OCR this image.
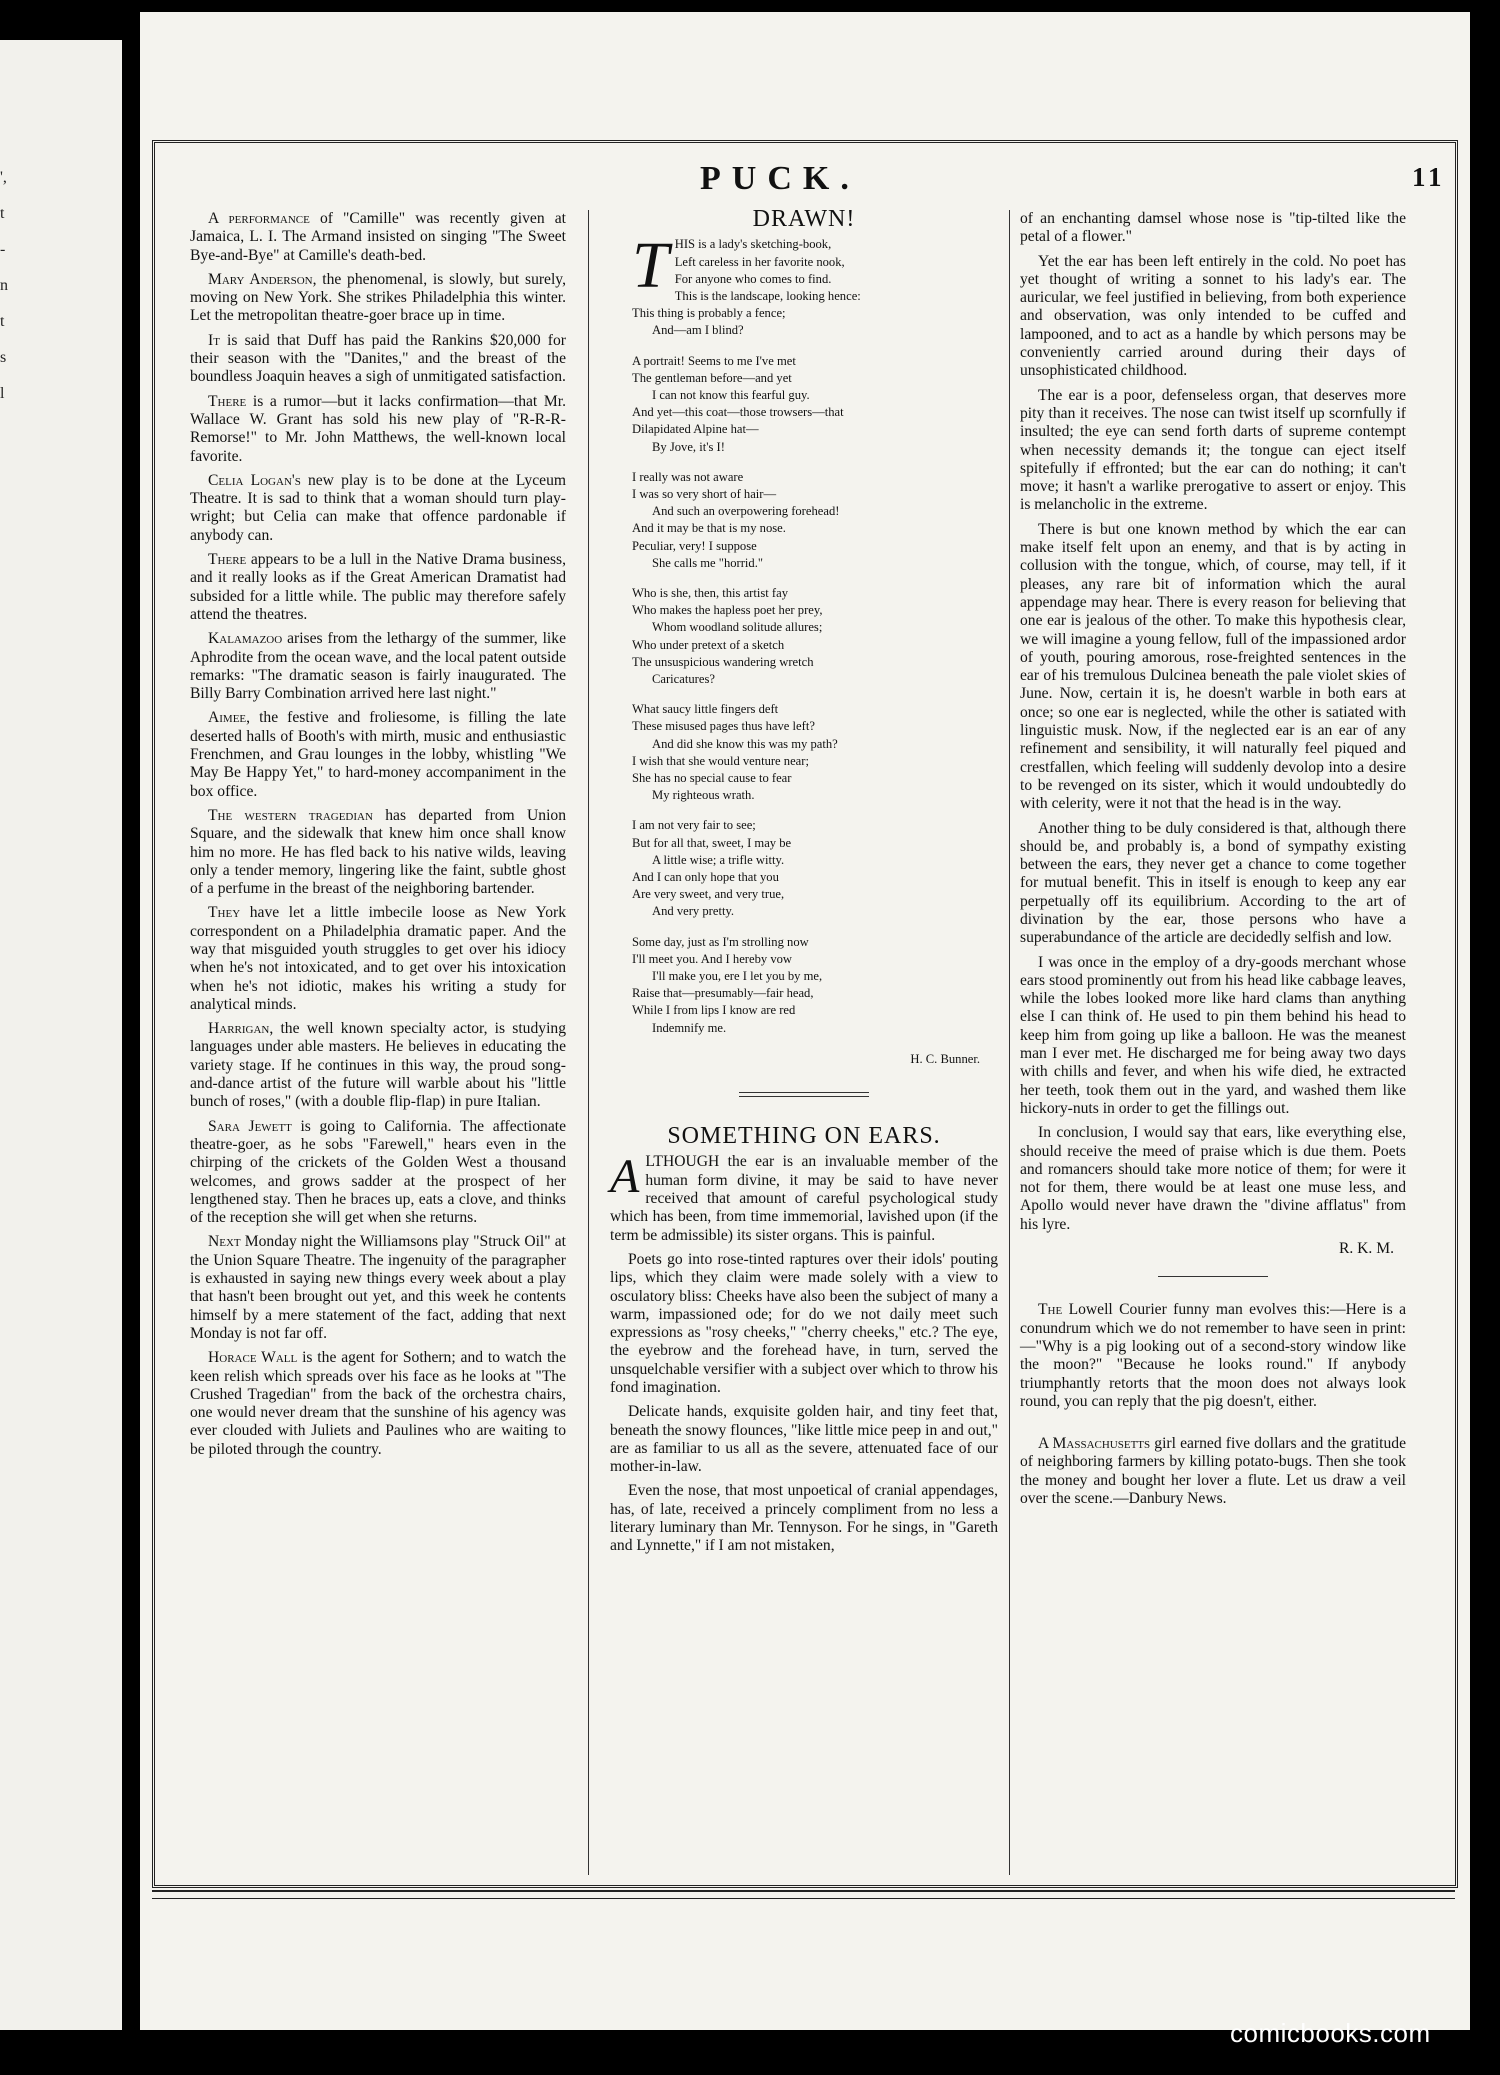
',
t
-
n
t
s
l
PUCK.	11

A performance of "Camille" was recently given at Jamaica, L. I. The Armand insisted on singing "The Sweet Bye-and-Bye" at Camille's death-bed.

Mary Anderson, the phenomenal, is slowly, but surely, moving on New York. She strikes Philadelphia this winter. Let the metropolitan theatre-goer brace up in time.

It is said that Duff has paid the Rankins $20,000 for their season with the "Danites," and the breast of the boundless Joaquin heaves a sigh of unmitigated satisfaction.

There is a rumor—but it lacks confirmation—that Mr. Wallace W. Grant has sold his new play of "R-R-R-Remorse!" to Mr. John Matthews, the well-known local favorite.

Celia Logan's new play is to be done at the Lyceum Theatre. It is sad to think that a woman should turn play-wright; but Celia can make that offence pardonable if anybody can.

There appears to be a lull in the Native Drama business, and it really looks as if the Great American Dramatist had subsided for a little while. The public may therefore safely attend the theatres.

Kalamazoo arises from the lethargy of the summer, like Aphrodite from the ocean wave, and the local patent outside remarks: "The dramatic season is fairly inaugurated. The Billy Barry Combination arrived here last night."

Aimee, the festive and froliesome, is filling the late deserted halls of Booth's with mirth, music and enthusiastic Frenchmen, and Grau lounges in the lobby, whistling "We May Be Happy Yet," to hard-money accompaniment in the box office.

The western tragedian has departed from Union Square, and the sidewalk that knew him once shall know him no more. He has fled back to his native wilds, leaving only a tender memory, lingering like the faint, subtle ghost of a perfume in the breast of the neighboring bartender.

They have let a little imbecile loose as New York correspondent on a Philadelphia dramatic paper. And the way that misguided youth struggles to get over his idiocy when he's not intoxicated, and to get over his intoxication when he's not idiotic, makes his writing a study for analytical minds.

Harrigan, the well known specialty actor, is studying languages under able masters. He believes in educating the variety stage. If he continues in this way, the proud song-and-dance artist of the future will warble about his "little bunch of roses," (with a double flip-flap) in pure Italian.

Sara Jewett is going to California. The affectionate theatre-goer, as he sobs "Farewell," hears even in the chirping of the crickets of the Golden West a thousand welcomes, and grows sadder at the prospect of her lengthened stay. Then he braces up, eats a clove, and thinks of the reception she will get when she returns.

Next Monday night the Williamsons play "Struck Oil" at the Union Square Theatre. The ingenuity of the paragrapher is exhausted in saying new things every week about a play that hasn't been brought out yet, and this week he contents himself by a mere statement of the fact, adding that next Monday is not far off.

Horace Wall is the agent for Sothern; and to watch the keen relish which spreads over his face as he looks at "The Crushed Tragedian" from the back of the orchestra chairs, one would never dream that the sunshine of his agency was ever clouded with Juliets and Paulines who are waiting to be piloted through the country.

DRAWN!
T HIS is a lady's sketching-book,
Left careless in her favorite nook,
For anyone who comes to find.
This is the landscape, looking hence:
This thing is probably a fence;
And—am I blind?
A portrait! Seems to me I've met
The gentleman before—and yet
I can not know this fearful guy.
And yet—this coat—those trowsers—that
Dilapidated Alpine hat—
By Jove, it's I!
I really was not aware
I was so very short of hair—
And such an overpowering forehead!
And it may be that is my nose.
Peculiar, very! I suppose
She calls me "horrid."
Who is she, then, this artist fay
Who makes the hapless poet her prey,
Whom woodland solitude allures;
Who under pretext of a sketch
The unsuspicious wandering wretch
Caricatures?
What saucy little fingers deft
These misused pages thus have left?
And did she know this was my path?
I wish that she would venture near;
She has no special cause to fear
My righteous wrath.
I am not very fair to see;
But for all that, sweet, I may be
A little wise; a trifle witty.
And I can only hope that you
Are very sweet, and very true,
And very pretty.
Some day, just as I'm strolling now
I'll meet you. And I hereby vow
I'll make you, ere I let you by me,
Raise that—presumably—fair head,
While I from lips I know are red
Indemnify me.
H. C. Bunner.
SOMETHING ON EARS.

ALTHOUGH the ear is an invaluable member of the human form divine, it may be said to have never received that amount of careful psychological study which has been, from time immemorial, lavished upon (if the term be admissible) its sister organs. This is painful.

Poets go into rose-tinted raptures over their idols' pouting lips, which they claim were made solely with a view to osculatory bliss: Cheeks have also been the subject of many a warm, impassioned ode; for do we not daily meet such expressions as "rosy cheeks," "cherry cheeks," etc.? The eye, the eyebrow and the forehead have, in turn, served the unsquelchable versifier with a subject over which to throw his fond imagination.

Delicate hands, exquisite golden hair, and tiny feet that, beneath the snowy flounces, "like little mice peep in and out," are as familiar to us all as the severe, attenuated face of our mother-in-law.

Even the nose, that most unpoetical of cranial appendages, has, of late, received a princely compliment from no less a literary luminary than Mr. Tennyson. For he sings, in "Gareth and Lynnette," if I am not mistaken,

of an enchanting damsel whose nose is "tip-tilted like the petal of a flower."

Yet the ear has been left entirely in the cold. No poet has yet thought of writing a sonnet to his lady's ear. The auricular, we feel justified in believing, from both experience and observation, was only intended to be cuffed and lampooned, and to act as a handle by which persons may be conveniently carried around during their days of unsophisticated childhood.

The ear is a poor, defenseless organ, that deserves more pity than it receives. The nose can twist itself up scornfully if insulted; the eye can send forth darts of supreme contempt when necessity demands it; the tongue can eject itself spitefully if effronted; but the ear can do nothing; it can't move; it hasn't a warlike prerogative to assert or enjoy. This is melancholic in the extreme.

There is but one known method by which the ear can make itself felt upon an enemy, and that is by acting in collusion with the tongue, which, of course, may tell, if it pleases, any rare bit of information which the aural appendage may hear. There is every reason for believing that one ear is jealous of the other. To make this hypothesis clear, we will imagine a young fellow, full of the impassioned ardor of youth, pouring amorous, rose-freighted sentences in the ear of his tremulous Dulcinea beneath the pale violet skies of June. Now, certain it is, he doesn't warble in both ears at once; so one ear is neglected, while the other is satiated with linguistic musk. Now, if the neglected ear is an ear of any refinement and sensibility, it will naturally feel piqued and crestfallen, which feeling will suddenly devolop into a desire to be revenged on its sister, which it would undoubtedly do with celerity, were it not that the head is in the way.

Another thing to be duly considered is that, although there should be, and probably is, a bond of sympathy existing between the ears, they never get a chance to come together for mutual benefit. This in itself is enough to keep any ear perpetually off its equilibrium. According to the art of divination by the ear, those persons who have a superabundance of the article are decidedly selfish and low.

I was once in the employ of a dry-goods merchant whose ears stood prominently out from his head like cabbage leaves, while the lobes looked more like hard clams than anything else I can think of. He used to pin them behind his head to keep him from going up like a balloon. He was the meanest man I ever met. He discharged me for being away two days with chills and fever, and when his wife died, he extracted her teeth, took them out in the yard, and washed them like hickory-nuts in order to get the fillings out.

In conclusion, I would say that ears, like everything else, should receive the meed of praise which is due them. Poets and romancers should take more notice of them; for were it not for them, there would be at least one muse less, and Apollo would never have drawn the "divine afflatus" from his lyre.

R. K. M.

The Lowell Courier funny man evolves this:—Here is a conundrum which we do not remember to have seen in print:—"Why is a pig looking out of a second-story window like the moon?" "Because he looks round." If anybody triumphantly retorts that the moon does not always look round, you can reply that the pig doesn't, either.

A Massachusetts girl earned five dollars and the gratitude of neighboring farmers by killing potato-bugs. Then she took the money and bought her lover a flute. Let us draw a veil over the scene.—Danbury News.

comicbooks.com
